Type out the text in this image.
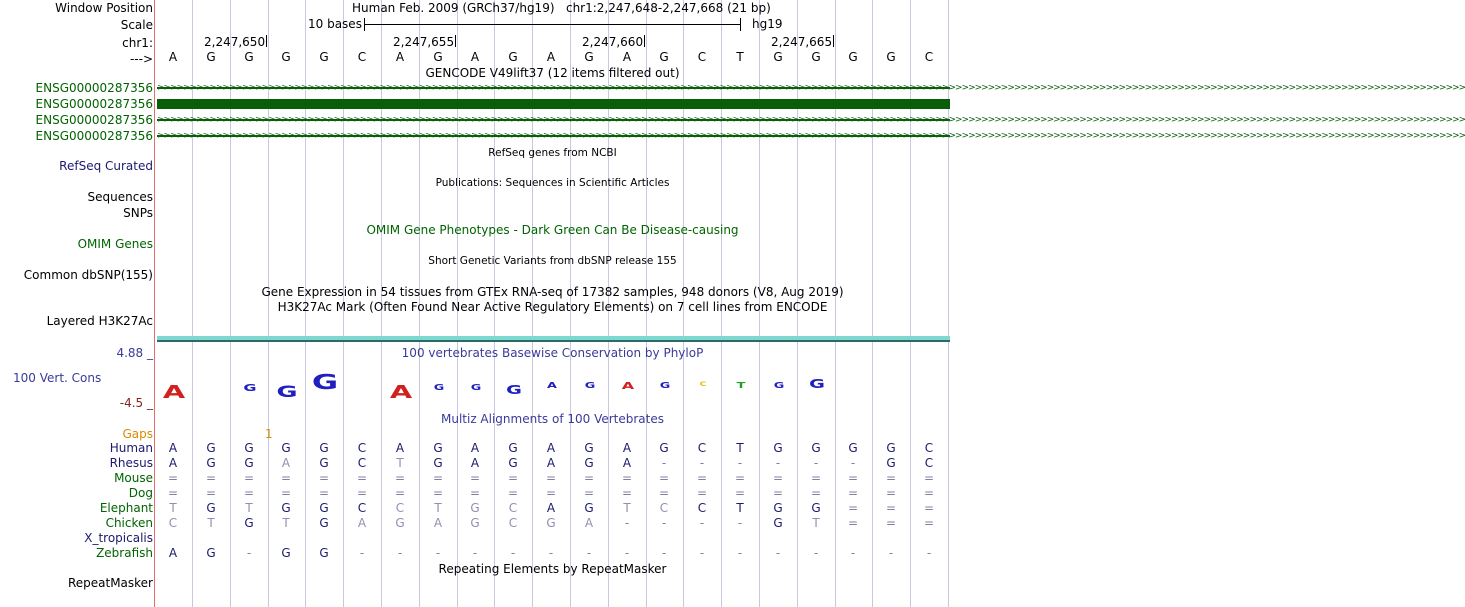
Window Position
Scale
chr1:
--->
Human Feb. 2009 (GRCh37/hg19) chr1:2,247,648-2,247,668 (21 bp)
10 bases	hg19
2,247,650	2,247,655	2,247,660	2,247,665
A	G	G	G	G	C	A	G	A	G	A	G	A	G	C	T	G	G	G	G	C
GENCODE V49lift37 (12 items filtered out)
ENSG00000287356 >>>>>>>>>>>>>>>>>>>>>>>>>>>>>>>>>>>>>>>>>>>>>>>>>>>>>>>>>>>>>>>>>>>>>>>>>>>>>>>>>>>>>>>>>>>>>>>>>>>>>>>>>>>>>>>>>>>>>>>>>>>>>>>>>>>>>>>>>>>>>>>>>>>>>>>>>>>>>>>>>>>>>>>>>>>>>>>>>>>>>>>>>>>>>>>>>>>>>>>>
ENSG00000287356
ENSG00000287356 >>>>>>>>>>>>>>>>>>>>>>>>>>>>>>>>>>>>>>>>>>>>>>>>>>>>>>>>>>>>>>>>>>>>>>>>>>>>>>>>>>>>>>>>>>>>>>>>>>>>>>>>>>>>>>>>>>>>>>>>>>>>>>>>>>>>>>>>>>>>>>>>>>>>>>>>>>>>>>>>>>>>>>>>>>>>>>>>>>>>>>>>>>>>>>>>>>>>>>>>
ENSG00000287356 >>>>>>>>>>>>>>>>>>>>>>>>>>>>>>>>>>>>>>>>>>>>>>>>>>>>>>>>>>>>>>>>>>>>>>>>>>>>>>>>>>>>>>>>>>>>>>>>>>>>>>>>>>>>>>>>>>>>>>>>>>>>>>>>>>>>>>>>>>>>>>>>>>>>>>>>>>>>>>>>>>>>>>>>>>>>>>>>>>>>>>>>>>>>>>>>>>>>>>>>
RefSeq Curated
RefSeq genes from NCBI
Publications: Sequences in Scientific Articles
Sequences
SNPs
OMIM Gene Phenotypes - Dark Green Can Be Disease-causing
OMIM Genes
Short Genetic Variants from dbSNP release 155
Common dbSNP(155)
Gene Expression in 54 tissues from GTEx RNA-seq of 17382 samples, 948 donors (V8, Aug 2019)
H3K27Ac Mark (Often Found Near Active Regulatory Elements) on 7 cell lines from ENCODE
Layered H3K27Ac
100 vertebrates Basewise Conservation by PhyloP
4.88 _
100 Vert. Cons
-4.5 _ A	G	G G	A	G	G	G	A	G	A	G	C	T	G	G
Multiz Alignments of 100 Vertebrates
Gaps	1
Human	A	G	G	G	G	C	A	G	A	G	A	G	A	G	C	T	G	G	G	G	C
Rhesus	A	G	G	A	G	C	T	G	A	G	A	G	A	-	-	-	-	-	-	G	C
Mouse	=	=	=	=	=	=	=	=	=	=	=	=	=	=	=	=	=	=	=	=	=
Dog	=	=	=	=	=	=	=	=	=	=	=	=	=	=	=	=	=	=	=	=	=
Elephant	T	G	T	G	G	C	C	T	G	C	A	G	T	C	C	T	G	G	=	=	=
Chicken	C	T	G	T	G	A	G	A	G	C	G	A	-	-	-	-	G	T	=	=	=
X_tropicalis
Zebrafish	A	G	-	G	G	-	-	-	-	-	-	-	-	-	-	-	-	-	-	-	-
Repeating Elements by RepeatMasker
RepeatMasker
